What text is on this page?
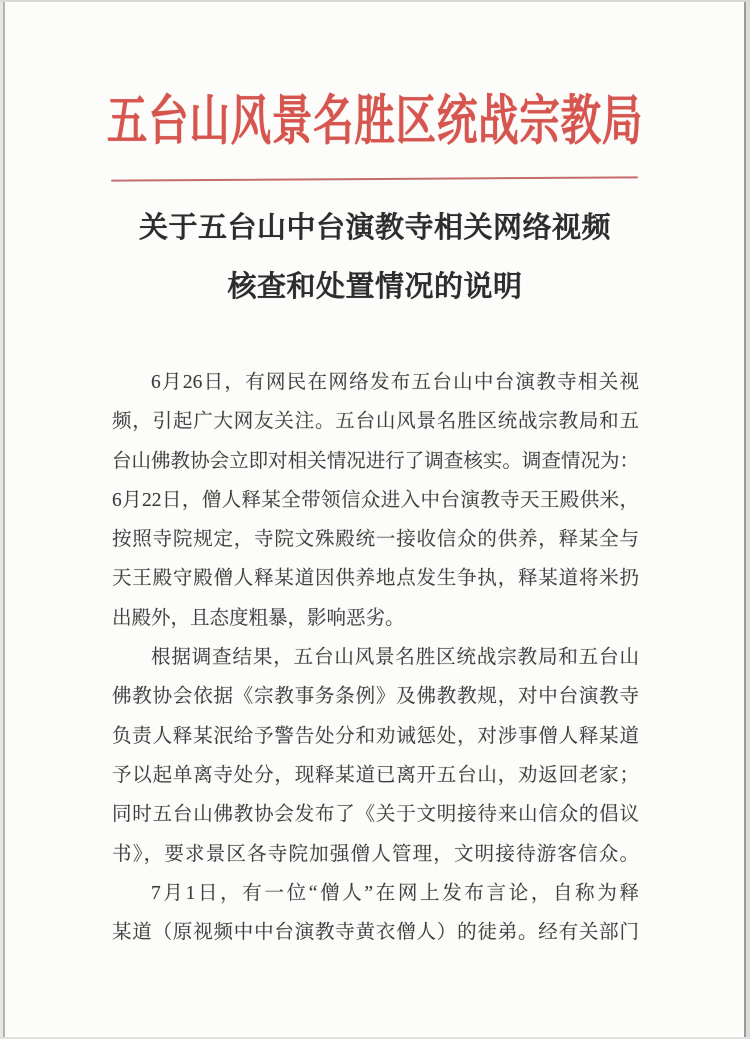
五台山风景名胜区统战宗教局
关于五台山中台演教寺相关网络视频
核查和处置情况的说明
6月26日，有网民在网络发布五台山中台演教寺相关视
频，引起广大网友关注。五台山风景名胜区统战宗教局和五
台山佛教协会立即对相关情况进行了调查核实。调查情况为：
6月22日，僧人释某全带领信众进入中台演教寺天王殿供米，
按照寺院规定，寺院文殊殿统一接收信众的供养，释某全与
天王殿守殿僧人释某道因供养地点发生争执，释某道将米扔
出殿外，且态度粗暴，影响恶劣。
根据调查结果，五台山风景名胜区统战宗教局和五台山
佛教协会依据《宗教事务条例》及佛教教规，对中台演教寺
负责人释某泯给予警告处分和劝诫惩处，对涉事僧人释某道
予以起单离寺处分，现释某道已离开五台山，劝返回老家；
同时五台山佛教协会发布了《关于文明接待来山信众的倡议
书》，要求景区各寺院加强僧人管理，文明接待游客信众。
7月1日，有一位“僧人”在网上发布言论，自称为释
某道（原视频中中台演教寺黄衣僧人）的徒弟。经有关部门
